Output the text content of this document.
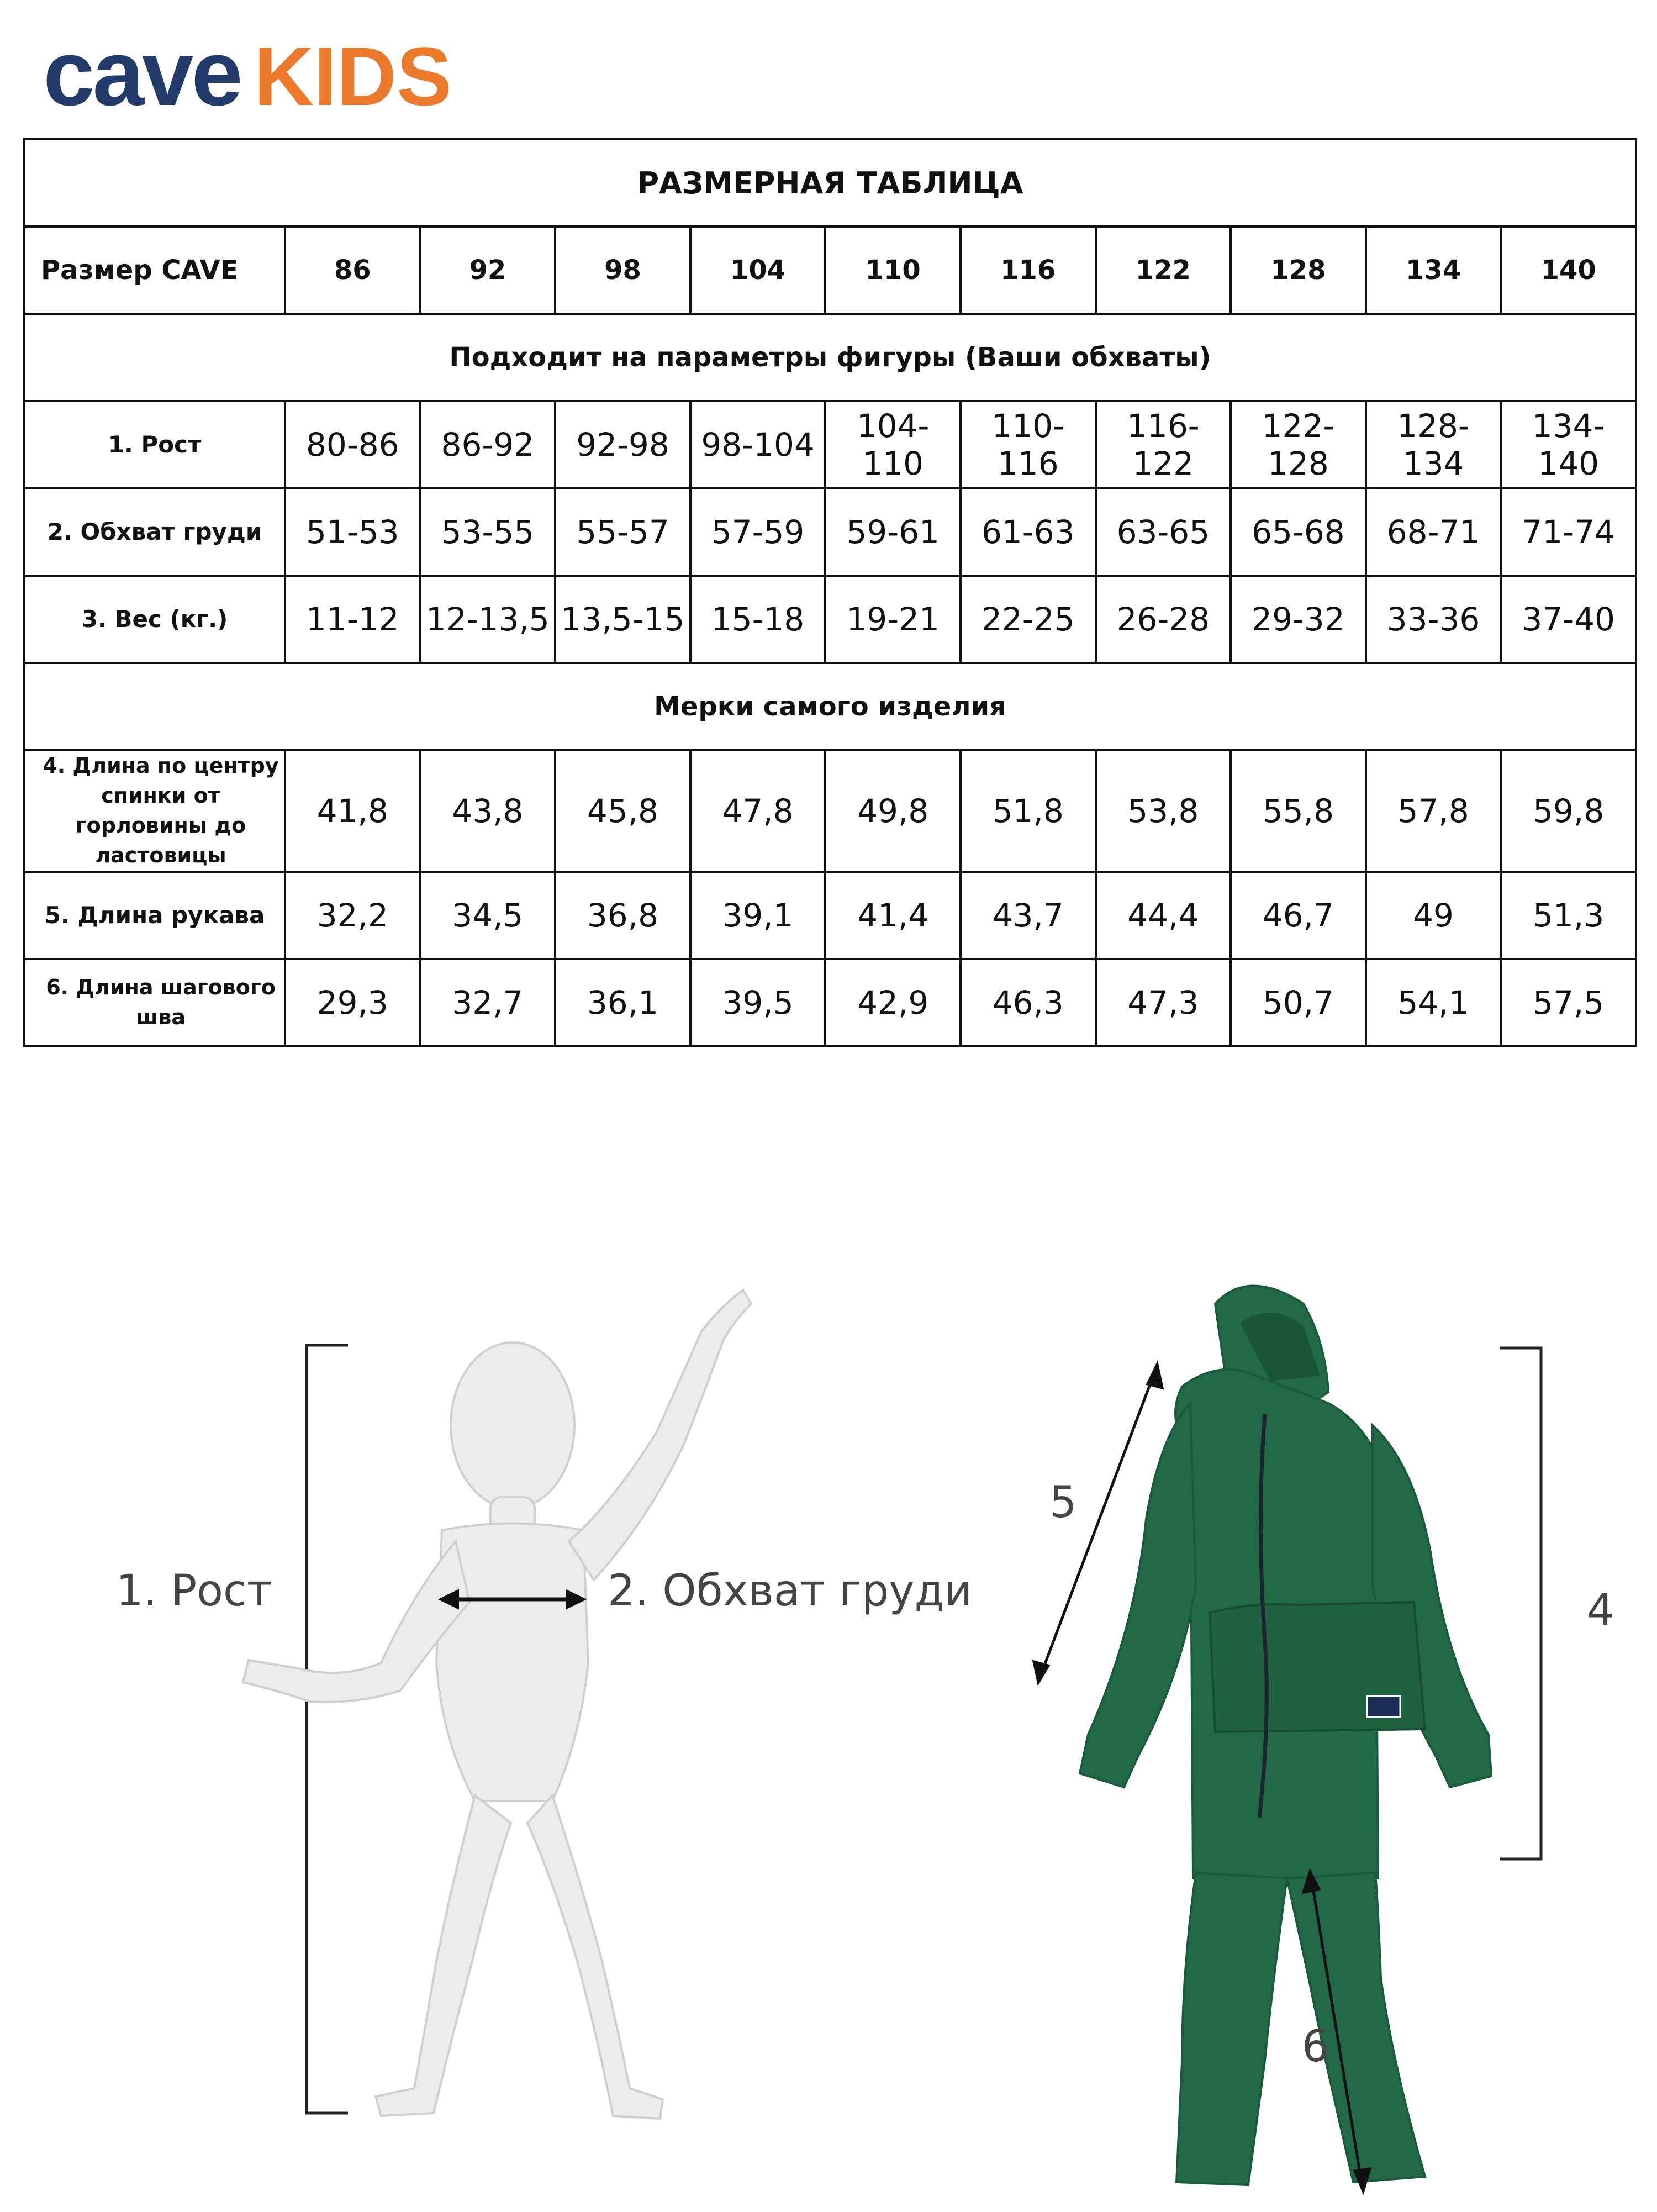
cave KIDS
РАЗМЕРНАЯ ТАБЛИЦА										
Размер CAVE	86	92	98	104	110	116	122	128	134	140
Подходит на параметры фигуры (Ваши обхваты)										
1. Рост	80-86	86-92	92-98	98-104	104-110	110-116	116-122	122-128	128-134	134-140
2. Обхват груди	51-53	53-55	55-57	57-59	59-61	61-63	63-65	65-68	68-71	71-74
3. Вес (кг.)	11-12	12-13,5	13,5-15	15-18	19-21	22-25	26-28	29-32	33-36	37-40
Мерки самого изделия										
4. Длина по центру спинки от горловины до ластовицы	41,8	43,8	45,8	47,8	49,8	51,8	53,8	55,8	57,8	59,8
5. Длина рукава	32,2	34,5	36,8	39,1	41,4	43,7	44,4	46,7	49	51,3
6. Длина шагового шва	29,3	32,7	36,1	39,5	42,9	46,3	47,3	50,7	54,1	57,5
1. Рост	2. Обхват груди
5
4
6
